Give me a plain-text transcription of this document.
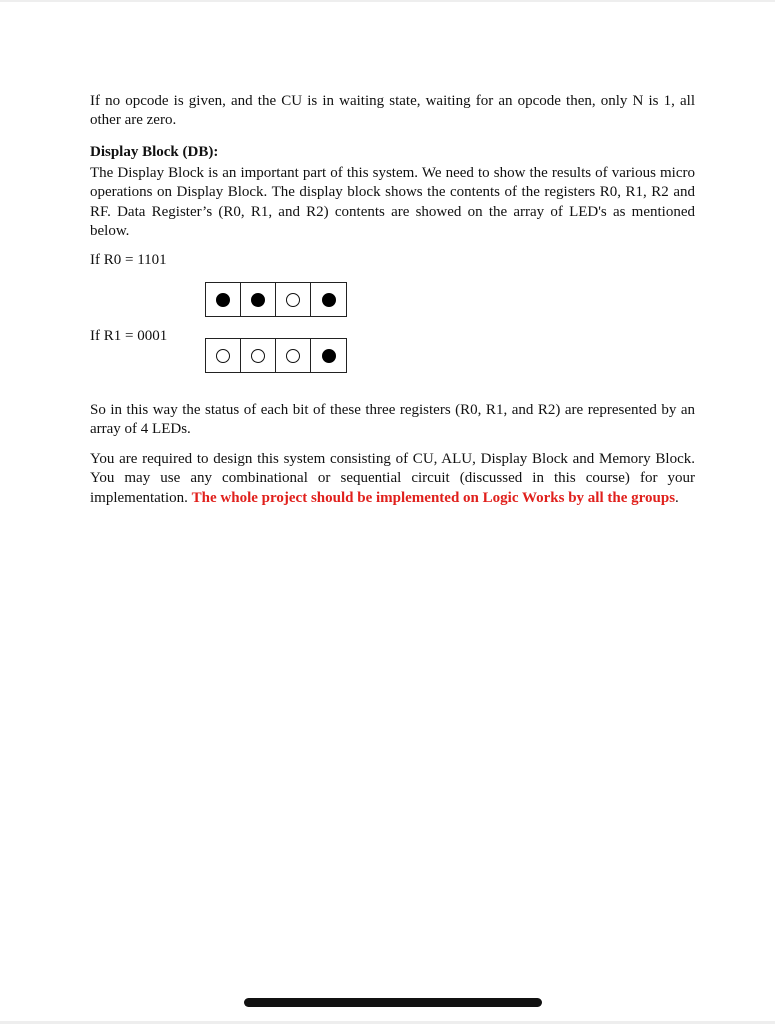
If no opcode is given, and the CU is in waiting state, waiting for an opcode then, only N is 1, all other are zero.

Display Block (DB):

The Display Block is an important part of this system. We need to show the results of various micro operations on Display Block. The display block shows the contents of the registers R0, R1, R2 and RF. Data Register’s (R0, R1, and R2) contents are showed on the array of LED's as mentioned below.

If R0 = 1101

If R1 = 0001

So in this way the status of each bit of these three registers (R0, R1, and R2) are represented by an array of 4 LEDs.

You are required to design this system consisting of CU, ALU, Display Block and Memory Block. You may use any combinational or sequential circuit (discussed in this course) for your implementation. The whole project should be implemented on Logic Works by all the groups.
